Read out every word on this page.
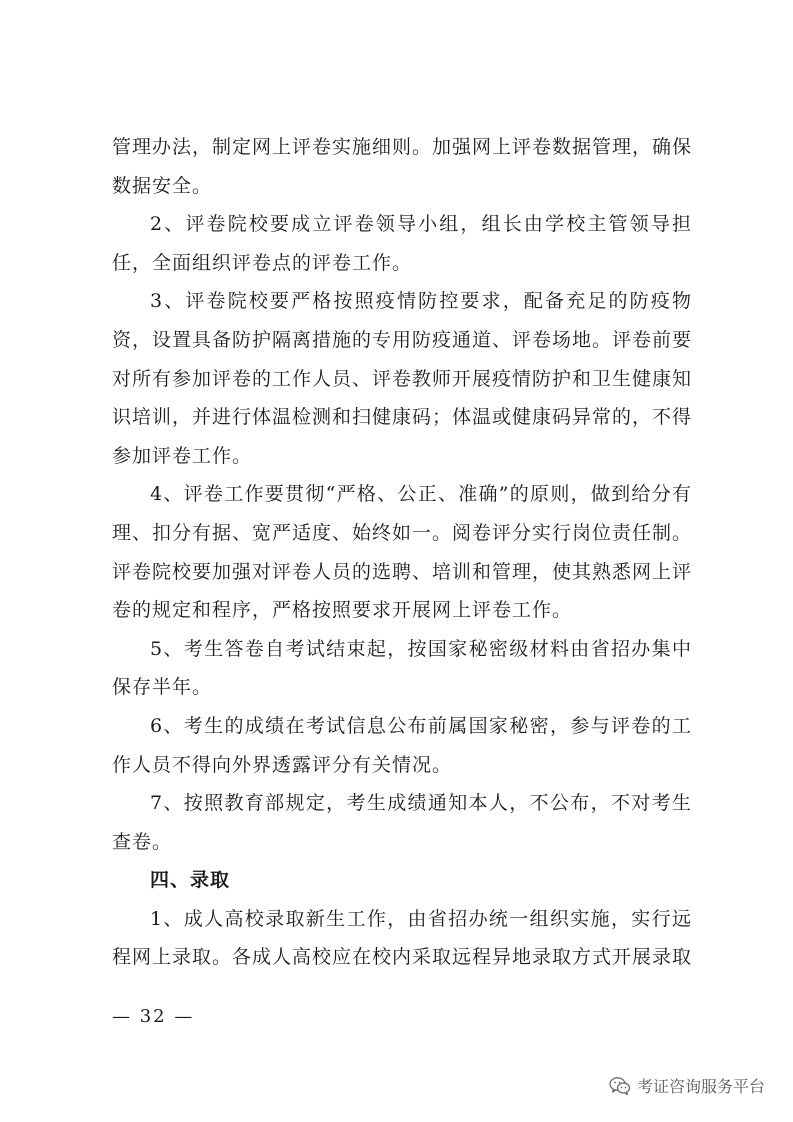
管理办法，制定网上评卷实施细则。加强网上评卷数据管理，确保数据安全。

2、评卷院校要成立评卷领导小组，组长由学校主管领导担任，全面组织评卷点的评卷工作。

3、评卷院校要严格按照疫情防控要求，配备充足的防疫物资，设置具备防护隔离措施的专用防疫通道、评卷场地。评卷前要对所有参加评卷的工作人员、评卷教师开展疫情防护和卫生健康知识培训，并进行体温检测和扫健康码；体温或健康码异常的，不得参加评卷工作。

4、评卷工作要贯彻“严格、公正、准确”的原则，做到给分有理、扣分有据、宽严适度、始终如一。阅卷评分实行岗位责任制。评卷院校要加强对评卷人员的选聘、培训和管理，使其熟悉网上评卷的规定和程序，严格按照要求开展网上评卷工作。

5、考生答卷自考试结束起，按国家秘密级材料由省招办集中保存半年。

6、考生的成绩在考试信息公布前属国家秘密，参与评卷的工作人员不得向外界透露评分有关情况。

7、按照教育部规定，考生成绩通知本人，不公布，不对考生查卷。

四、录取

1、成人高校录取新生工作，由省招办统一组织实施，实行远程网上录取。各成人高校应在校内采取远程异地录取方式开展录取

— 32 —
考证咨询服务平台
